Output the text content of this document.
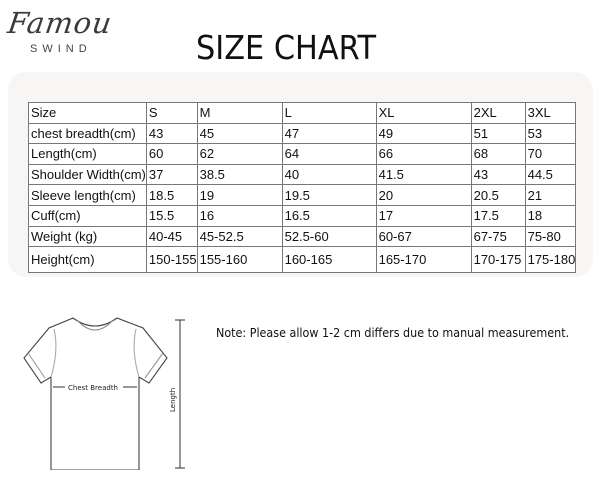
Famou
SWIND	SIZE CHART
Size	S	M	L	XL	2XL	3XL
chest breadth(cm)	43	45	47	49	51	53
Length(cm)	60	62	64	66	68	70
Shoulder Width(cm)	37	38.5	40	41.5	43	44.5
Sleeve length(cm)	18.5	19	19.5	20	20.5	21
Cuff(cm)	15.5	16	16.5	17	17.5	18
Weight (kg)	40-45	45-52.5	52.5-60	60-67	67-75	75-80
Height(cm)	150-155	155-160	160-165	165-170	170-175	175-180
Chest Breadth	Length
Note: Please allow 1-2 cm differs due to manual measurement.
